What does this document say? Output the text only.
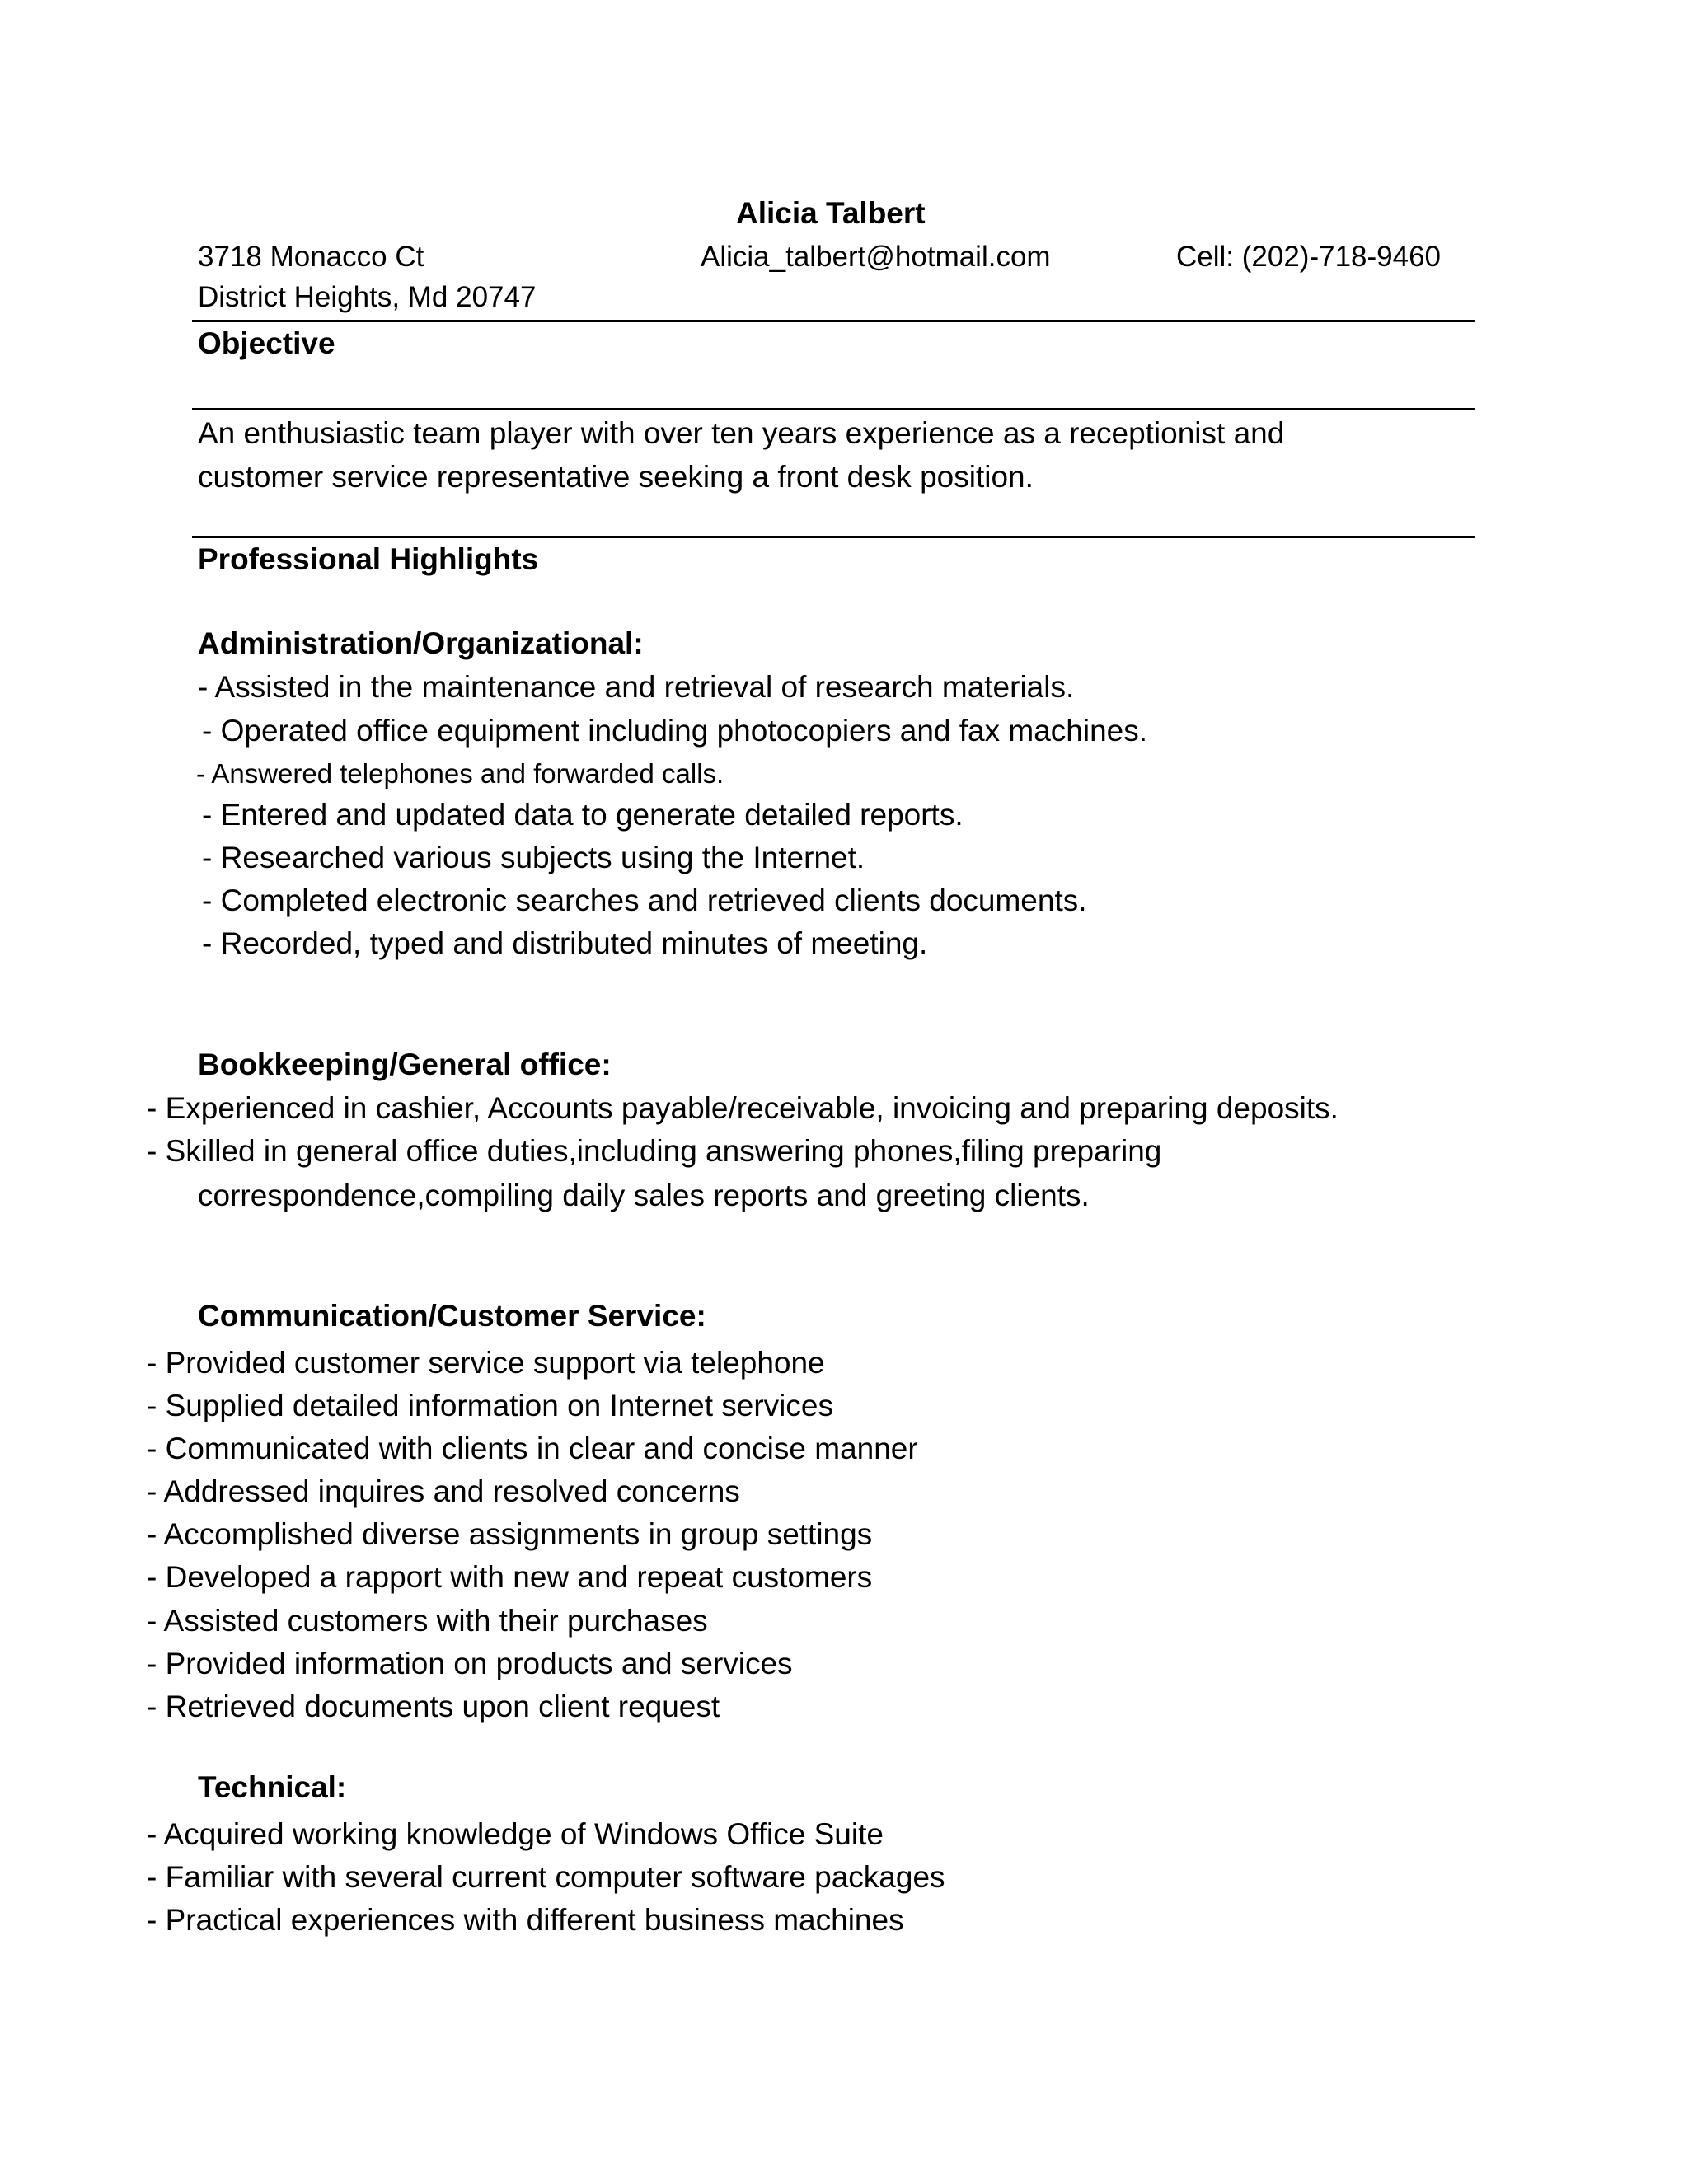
Alicia Talbert
3718 Monacco Ct	Alicia_talbert@hotmail.com	Cell: (202)-718-9460
District Heights, Md 20747
Objective
An enthusiastic team player with over ten years experience as a receptionist and
customer service representative seeking a front desk position.
Professional Highlights
Administration/Organizational:
- Assisted in the maintenance and retrieval of research materials.
- Operated office equipment including photocopiers and fax machines.
- Answered telephones and forwarded calls.
- Entered and updated data to generate detailed reports.
- Researched various subjects using the Internet.
- Completed electronic searches and retrieved clients documents.
- Recorded, typed and distributed minutes of meeting.
Bookkeeping/General office:
- Experienced in cashier, Accounts payable/receivable, invoicing and preparing deposits.
- Skilled in general office duties,including answering phones,filing preparing
correspondence,compiling daily sales reports and greeting clients.
Communication/Customer Service:
- Provided customer service support via telephone
- Supplied detailed information on Internet services
- Communicated with clients in clear and concise manner
- Addressed inquires and resolved concerns
- Accomplished diverse assignments in group settings
- Developed a rapport with new and repeat customers
- Assisted customers with their purchases
- Provided information on products and services
- Retrieved documents upon client request
Technical:
- Acquired working knowledge of Windows Office Suite
- Familiar with several current computer software packages
- Practical experiences with different business machines
